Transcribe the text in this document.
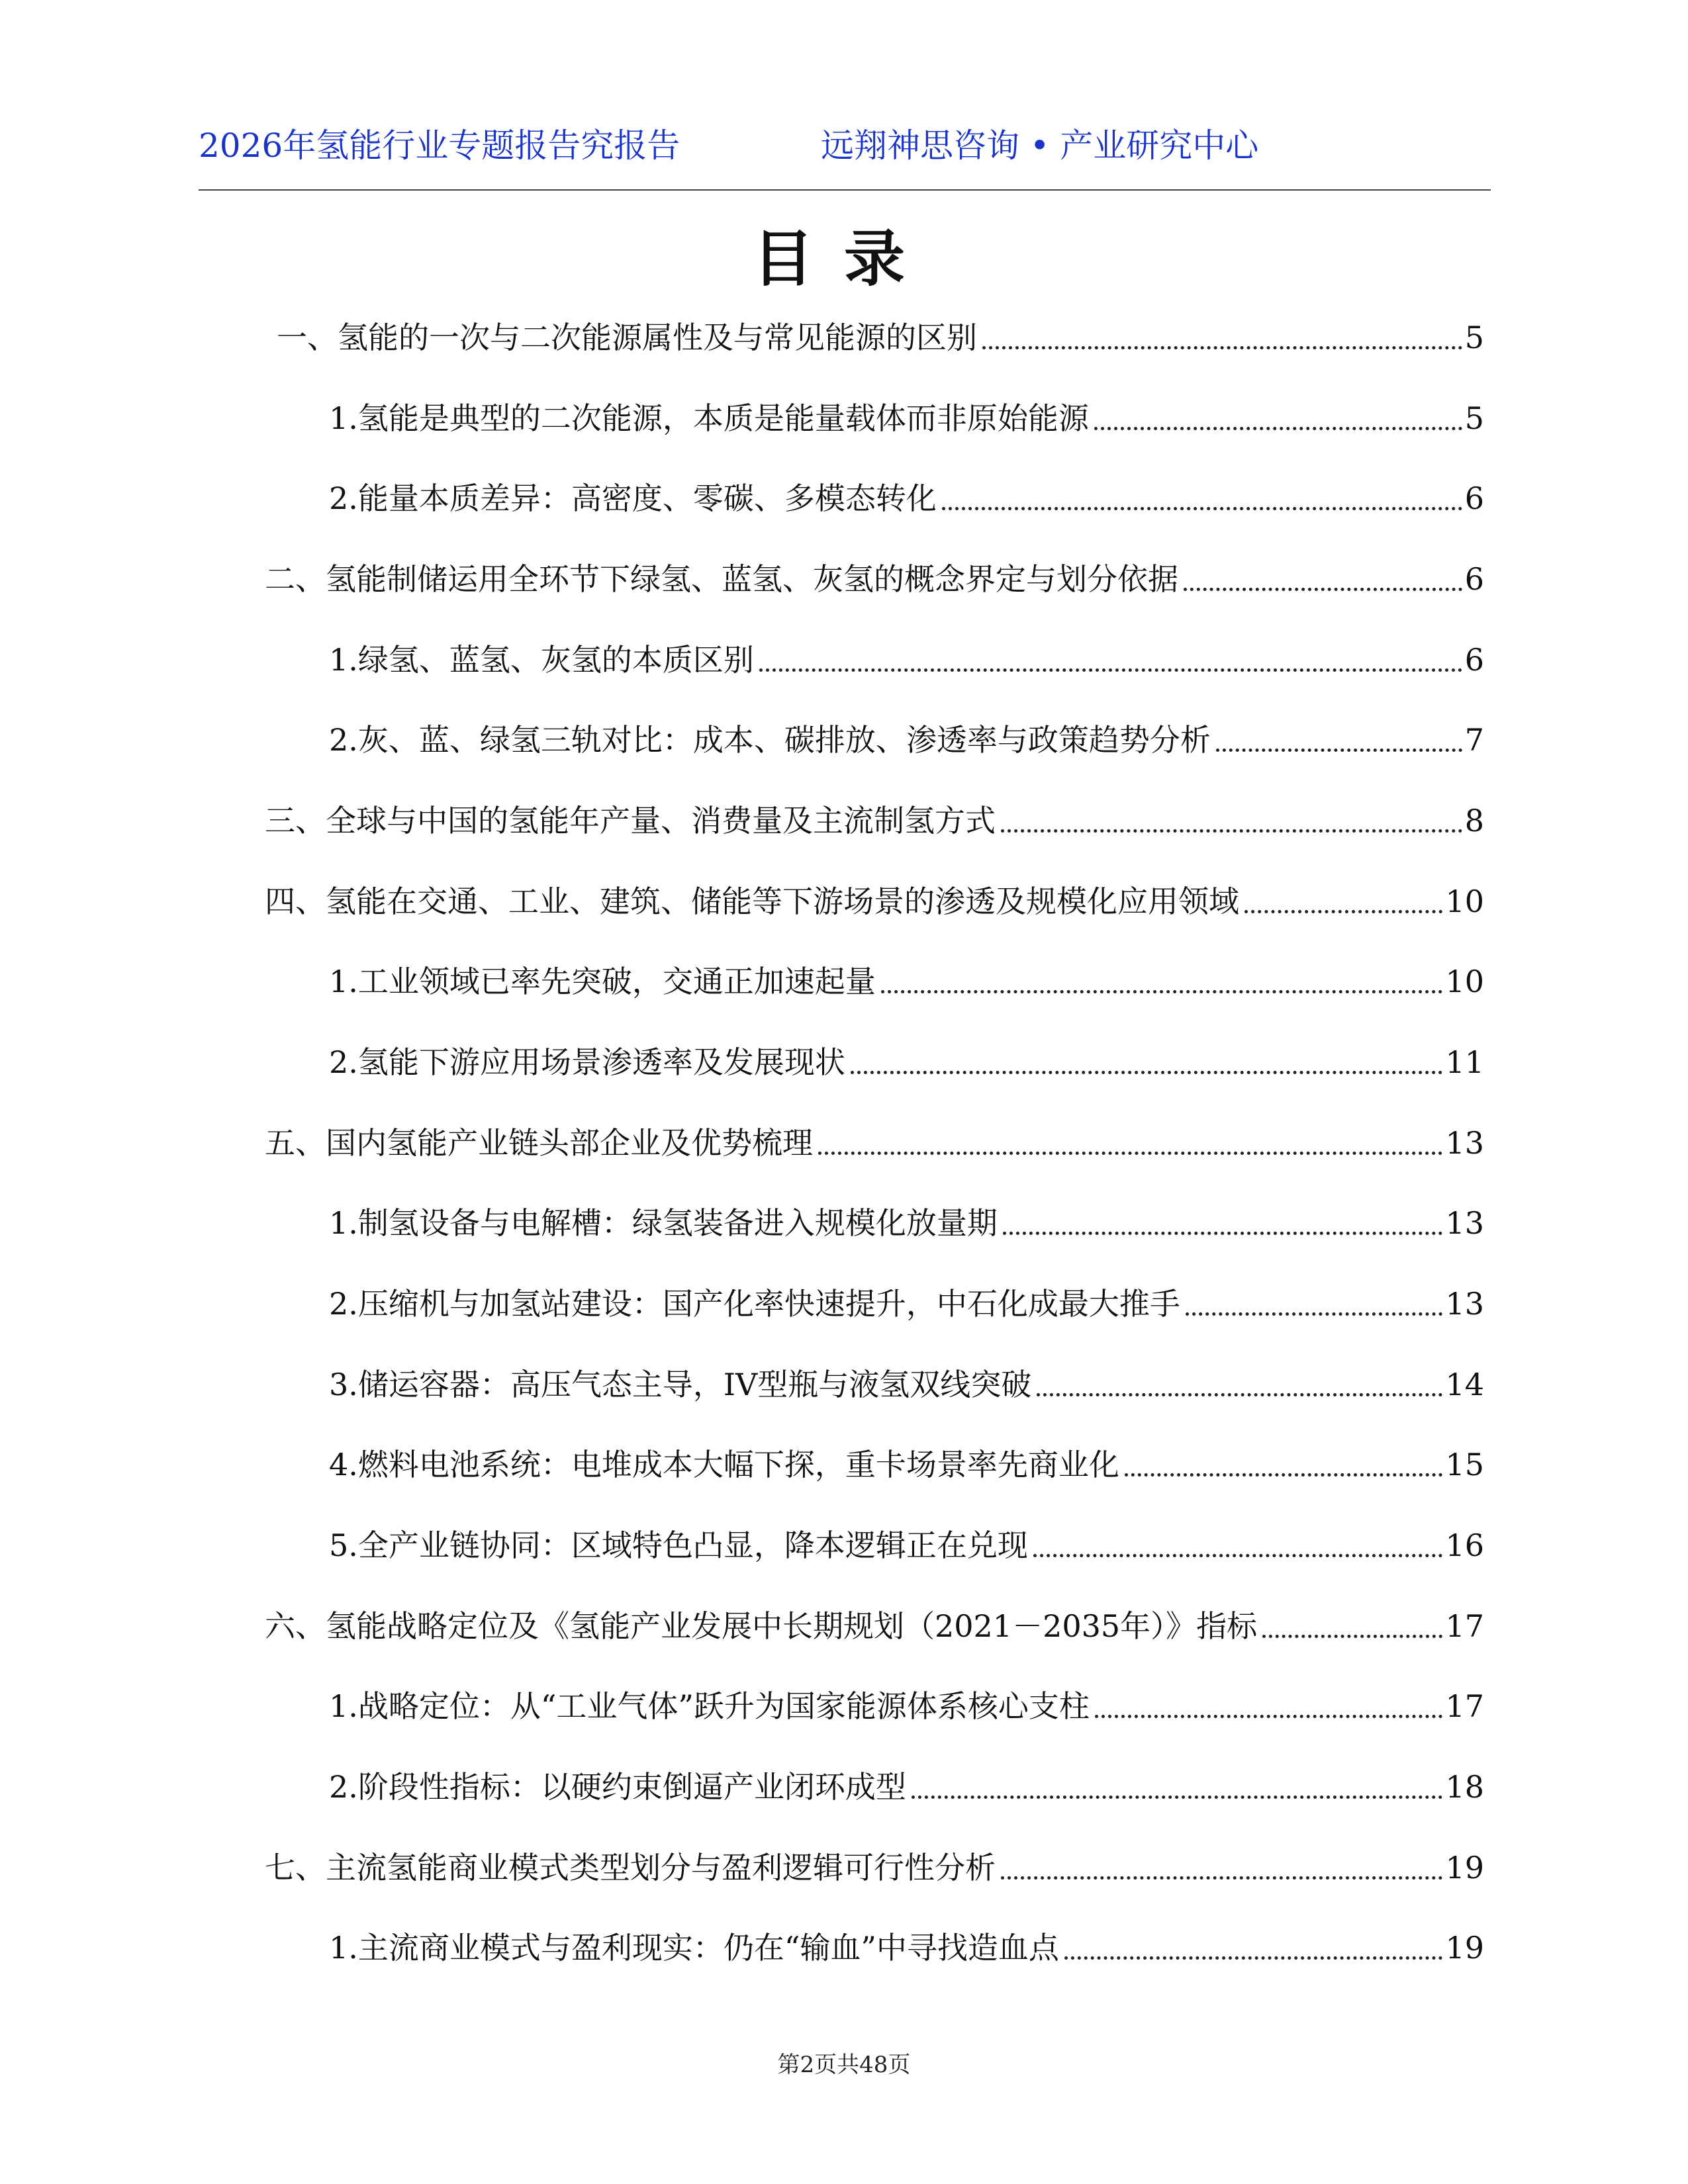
2026年氢能行业专题报告究报告	远翔神思咨询 • 产业研究中心
目录
一、氢能的一次与二次能源属性及与常见能源的区别	5
1.氢能是典型的二次能源，本质是能量载体而非原始能源	5
2.能量本质差异：高密度、零碳、多模态转化	6
二、氢能制储运用全环节下绿氢、蓝氢、灰氢的概念界定与划分依据	6
1.绿氢、蓝氢、灰氢的本质区别	6
2.灰、蓝、绿氢三轨对比：成本、碳排放、渗透率与政策趋势分析	7
三、全球与中国的氢能年产量、消费量及主流制氢方式	8
四、氢能在交通、工业、建筑、储能等下游场景的渗透及规模化应用领域	10
1.工业领域已率先突破，交通正加速起量	10
2.氢能下游应用场景渗透率及发展现状	11
五、国内氢能产业链头部企业及优势梳理	13
1.制氢设备与电解槽：绿氢装备进入规模化放量期	13
2.压缩机与加氢站建设：国产化率快速提升，中石化成最大推手	13
3.储运容器：高压气态主导，IV型瓶与液氢双线突破	14
4.燃料电池系统：电堆成本大幅下探，重卡场景率先商业化	15
5.全产业链协同：区域特色凸显，降本逻辑正在兑现	16
六、氢能战略定位及《氢能产业发展中长期规划（2021－2035年）》指标	17
1.战略定位：从“工业气体”跃升为国家能源体系核心支柱	17
2.阶段性指标：以硬约束倒逼产业闭环成型	18
七、主流氢能商业模式类型划分与盈利逻辑可行性分析	19
1.主流商业模式与盈利现实：仍在“输血”中寻找造血点	19
第2页共48页
